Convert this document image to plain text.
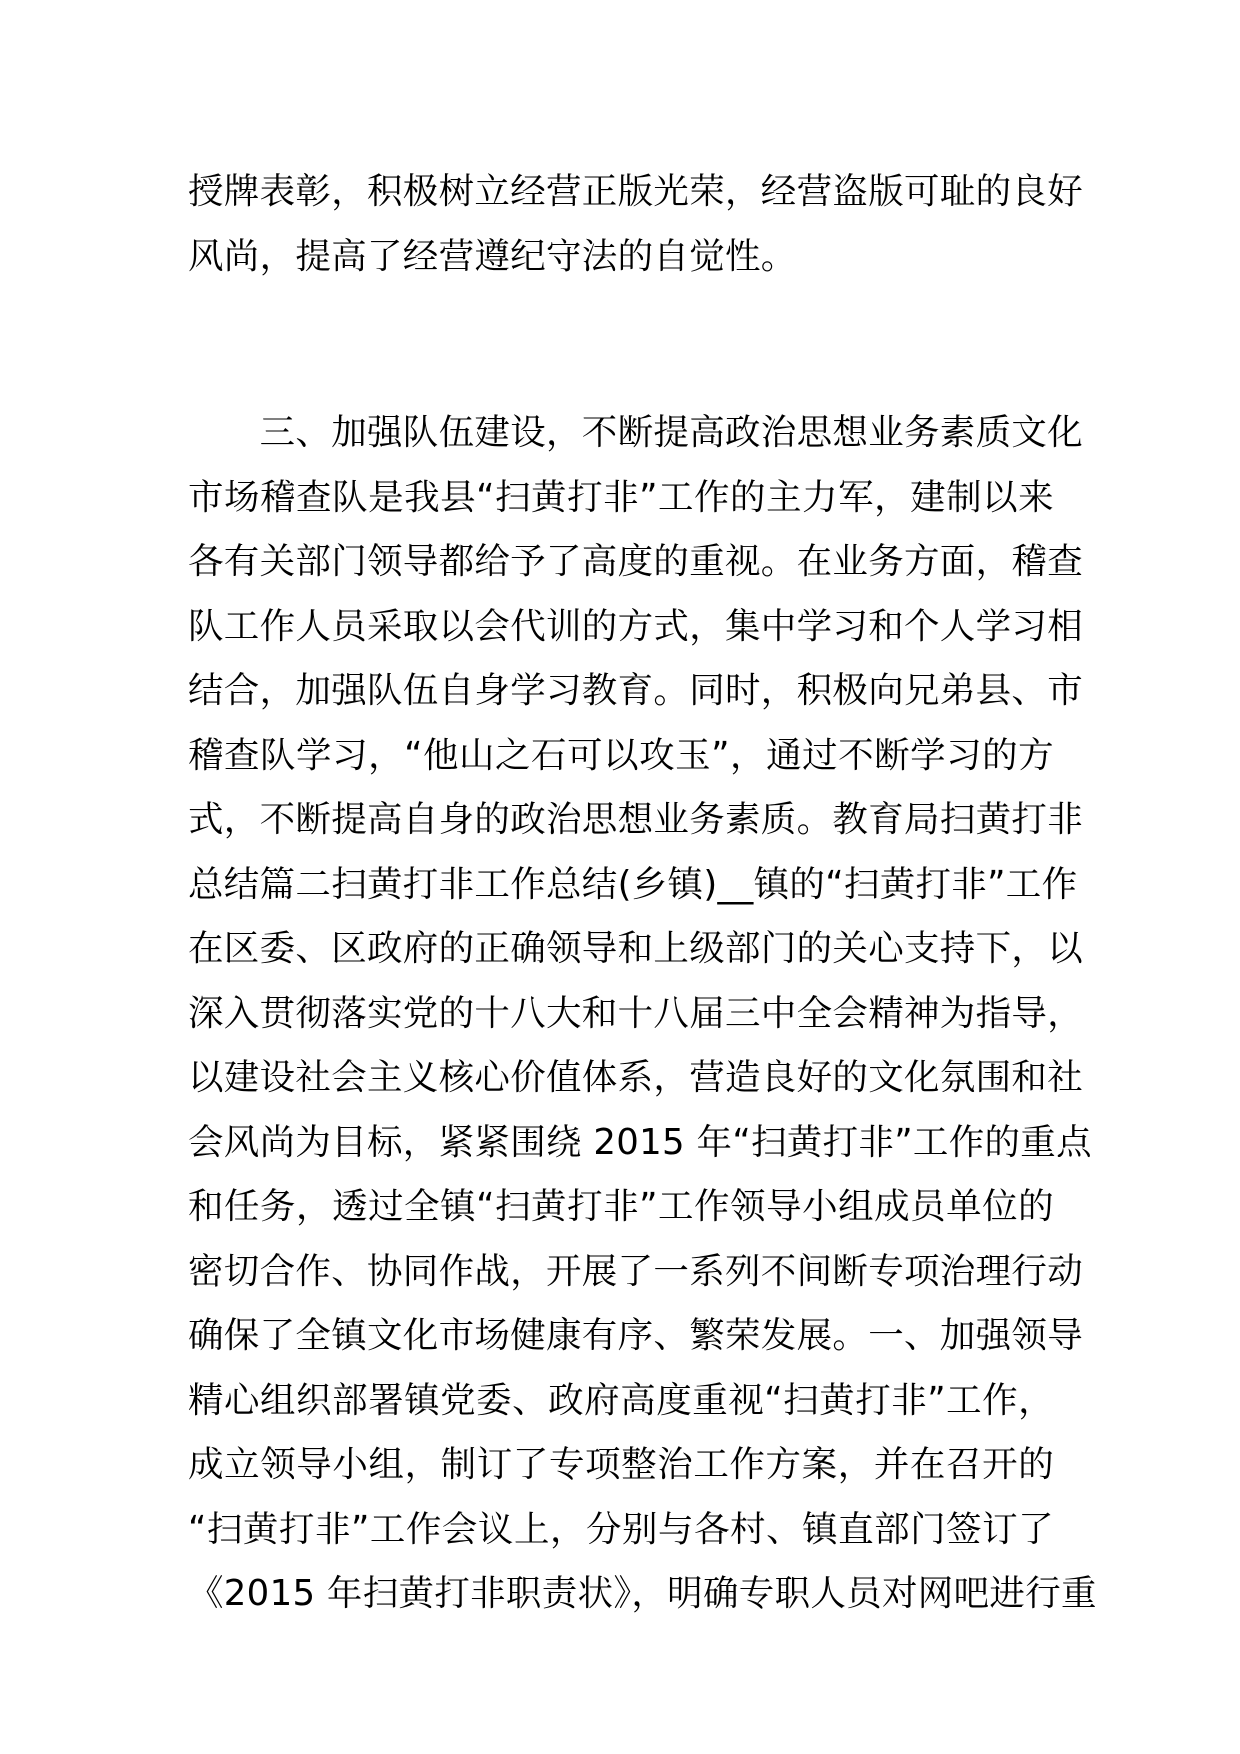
授牌表彰，积极树立经营正版光荣，经营盗版可耻的良好
风尚，提高了经营遵纪守法的自觉性。
　　三、加强队伍建设，不断提高政治思想业务素质文化
市场稽查队是我县“扫黄打非”工作的主力军，建制以来
各有关部门领导都给予了高度的重视。在业务方面，稽查
队工作人员采取以会代训的方式，集中学习和个人学习相
结合，加强队伍自身学习教育。同时，积极向兄弟县、市
稽查队学习，“他山之石可以攻玉”，通过不断学习的方
式，不断提高自身的政治思想业务素质。教育局扫黄打非
总结篇二扫黄打非工作总结(乡镇)__镇的“扫黄打非”工作
在区委、区政府的正确领导和上级部门的关心支持下，以
深入贯彻落实党的十八大和十八届三中全会精神为指导，
以建设社会主义核心价值体系，营造良好的文化氛围和社
会风尚为目标，紧紧围绕 2015 年“扫黄打非”工作的重点
和任务，透过全镇“扫黄打非”工作领导小组成员单位的
密切合作、协同作战，开展了一系列不间断专项治理行动
确保了全镇文化市场健康有序、繁荣发展。一、加强领导
精心组织部署镇党委、政府高度重视“扫黄打非”工作，
成立领导小组，制订了专项整治工作方案，并在召开的
“扫黄打非”工作会议上，分别与各村、镇直部门签订了
《2015 年扫黄打非职责状》，明确专职人员对网吧进行重
